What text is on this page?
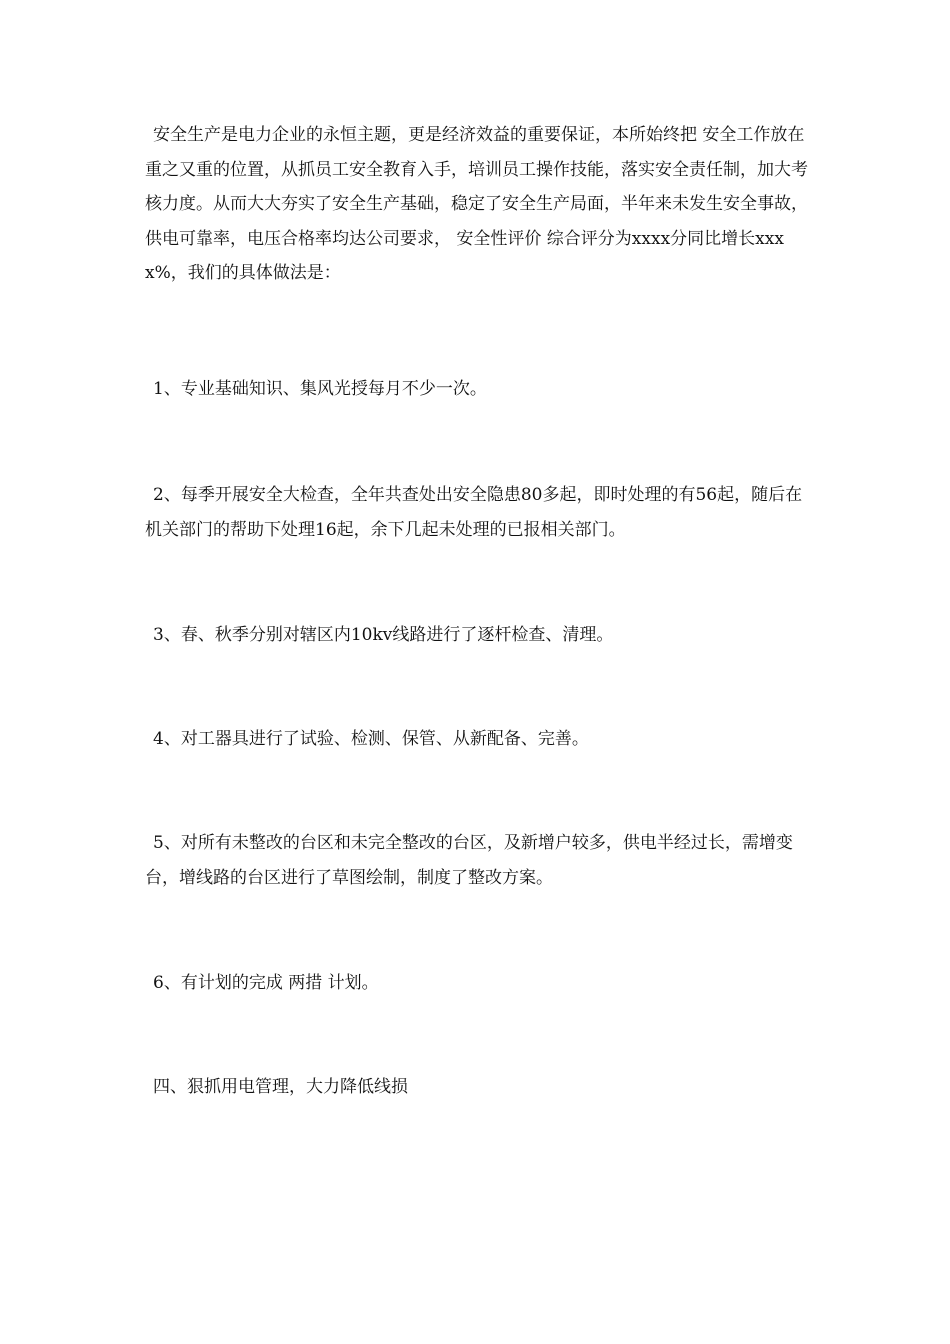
安全生产是电力企业的永恒主题，更是经济效益的重要保证，本所始终把 安全工作放在重之又重的位置，从抓员工安全教育入手，培训员工操作技能，落实安全责任制，加大考核力度。从而大大夯实了安全生产基础，稳定了安全生产局面，半年来未发生安全事故，供电可靠率，电压合格率均达公司要求， 安全性评价 综合评分为xxxx分同比增长xxxx%，我们的具体做法是：

1、专业基础知识、集风光授每月不少一次。

2、每季开展安全大检查，全年共查处出安全隐患80多起，即时处理的有56起，随后在机关部门的帮助下处理16起，余下几起未处理的已报相关部门。

3、春、秋季分别对辖区内10kv线路进行了逐杆检查、清理。

4、对工器具进行了试验、检测、保管、从新配备、完善。

5、对所有未整改的台区和未完全整改的台区，及新增户较多，供电半经过长，需增变台，增线路的台区进行了草图绘制，制度了整改方案。

6、有计划的完成 两措 计划。

四、狠抓用电管理，大力降低线损
